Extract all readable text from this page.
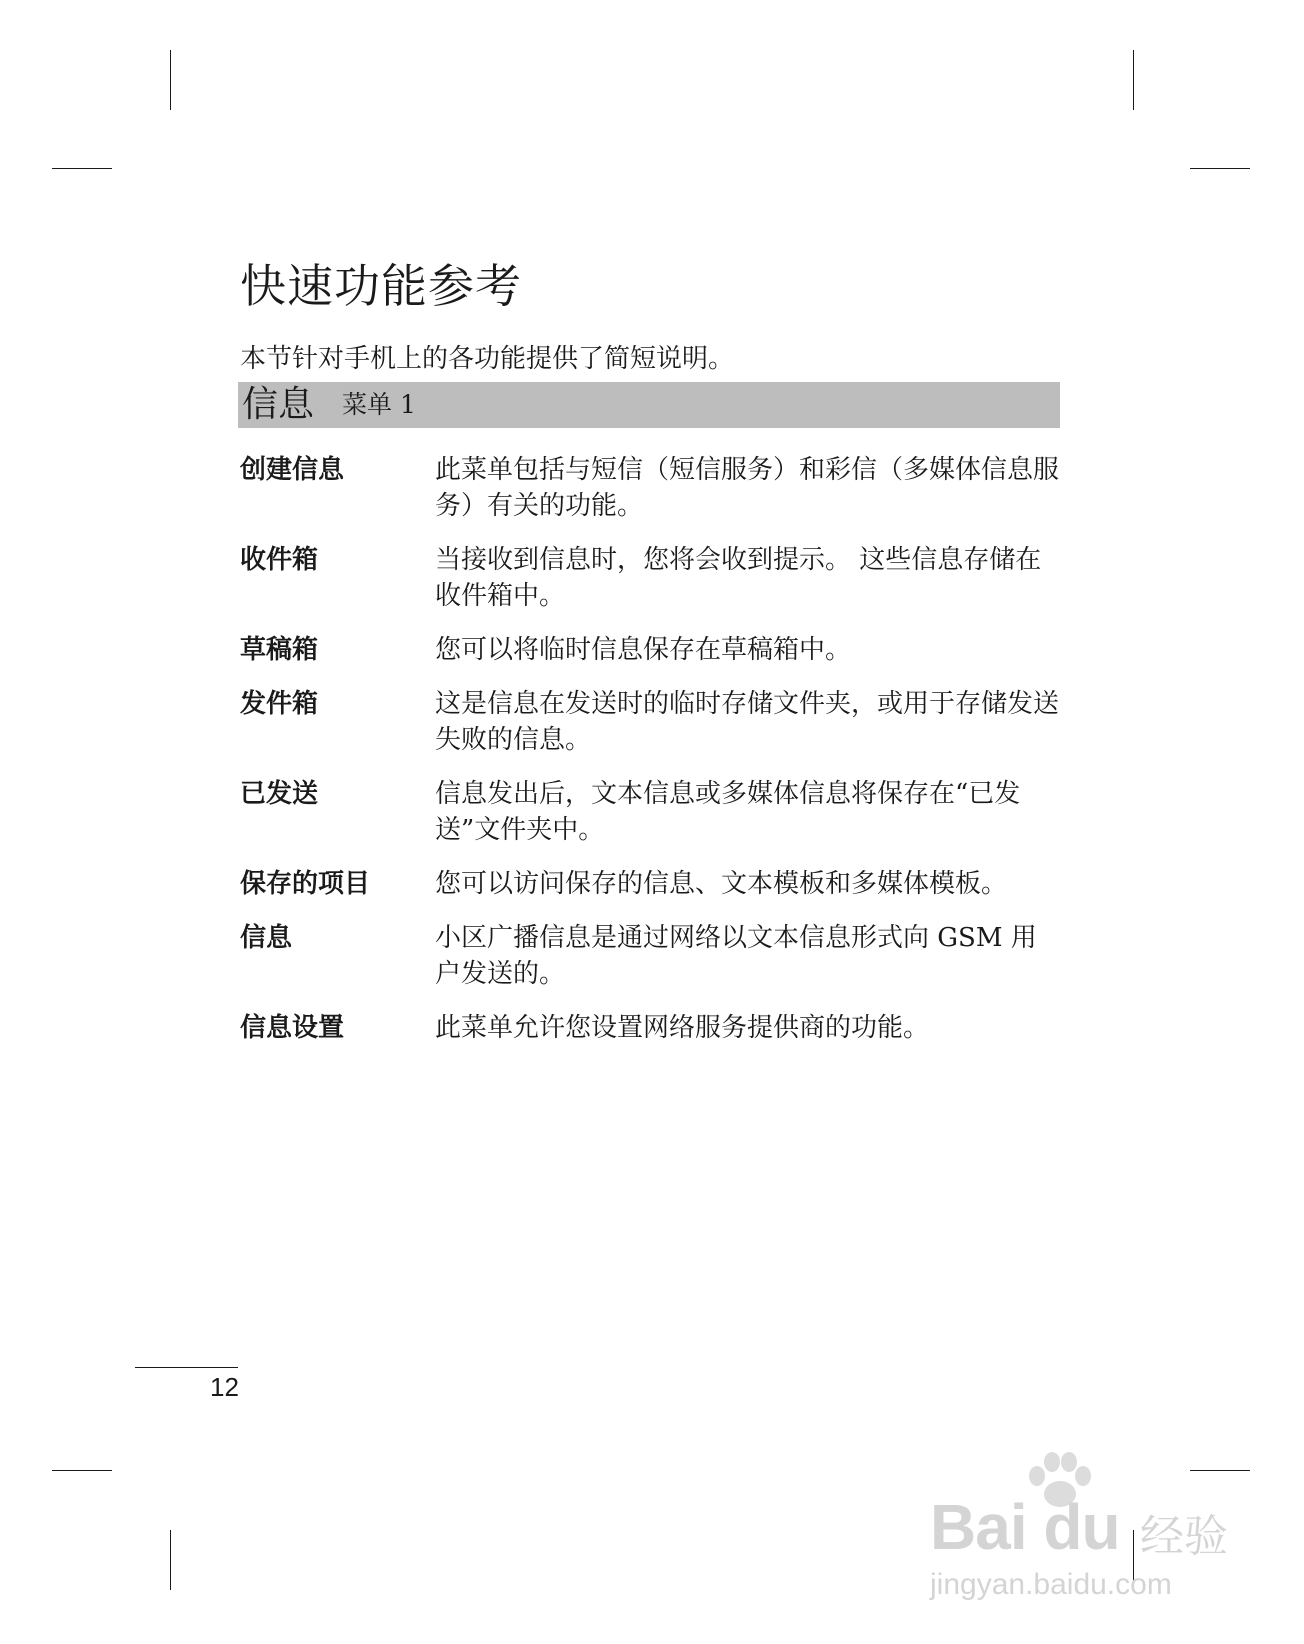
快速功能参考
本节针对手机上的各功能提供了简短说明。
信息 菜单 1
创建信息	此菜单包括与短信（短信服务）和彩信（多媒体信息服务）有关的功能。
收件箱	当接收到信息时，您将会收到提示。 这些信息存储在收件箱中。
草稿箱	您可以将临时信息保存在草稿箱中。
发件箱	这是信息在发送时的临时存储文件夹，或用于存储发送失败的信息。
已发送	信息发出后，文本信息或多媒体信息将保存在“已发送”文件夹中。
保存的项目	您可以访问保存的信息、文本模板和多媒体模板。
信息	小区广播信息是通过网络以文本信息形式向 GSM 用户发送的。
信息设置	此菜单允许您设置网络服务提供商的功能。
12
Bai du 经验
jingyan.baidu.com
